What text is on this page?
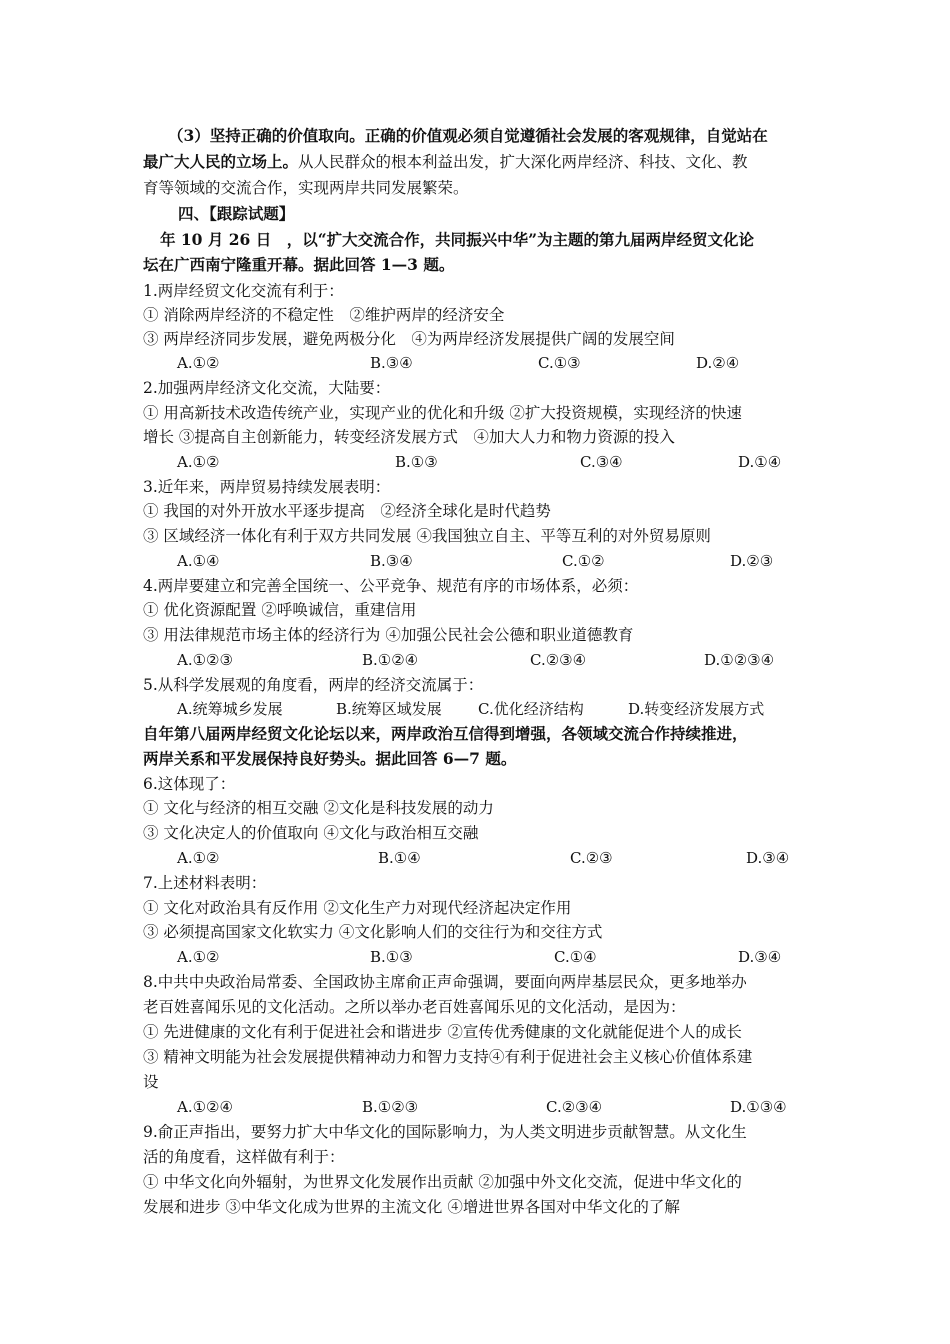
（3）坚持正确的价值取向。正确的价值观必须自觉遵循社会发展的客观规律，自觉站在
最广大人民的立场上。从人民群众的根本利益出发，扩大深化两岸经济、科技、文化、教
育等领域的交流合作，实现两岸共同发展繁荣。
四、【跟踪试题】
年 10 月 26 日　，以“扩大交流合作，共同振兴中华”为主题的第九届两岸经贸文化论
坛在广西南宁隆重开幕。据此回答 1—3 题。
1.两岸经贸文化交流有利于：
① 消除两岸经济的不稳定性　②维护两岸的经济安全
③ 两岸经济同步发展，避免两极分化　④为两岸经济发展提供广阔的发展空间
A.①②	B.③④	C.①③	D.②④
2.加强两岸经济文化交流，大陆要：
① 用高新技术改造传统产业，实现产业的优化和升级 ②扩大投资规模，实现经济的快速
增长 ③提高自主创新能力，转变经济发展方式　④加大人力和物力资源的投入
A.①②	B.①③	C.③④	D.①④
3.近年来，两岸贸易持续发展表明：
① 我国的对外开放水平逐步提高　②经济全球化是时代趋势
③ 区域经济一体化有利于双方共同发展 ④我国独立自主、平等互利的对外贸易原则
A.①④	B.③④	C.①②	D.②③
4.两岸要建立和完善全国统一、公平竞争、规范有序的市场体系，必须：
① 优化资源配置 ②呼唤诚信，重建信用
③ 用法律规范市场主体的经济行为 ④加强公民社会公德和职业道德教育
A.①②③	B.①②④	C.②③④	D.①②③④
5.从科学发展观的角度看，两岸的经济交流属于：
A.统筹城乡发展	B.统筹区域发展 C.优化经济结构	D.转变经济发展方式
自年第八届两岸经贸文化论坛以来，两岸政治互信得到增强，各领域交流合作持续推进，
两岸关系和平发展保持良好势头。据此回答 6—7 题。
6.这体现了：
① 文化与经济的相互交融 ②文化是科技发展的动力
③ 文化决定人的价值取向 ④文化与政治相互交融
A.①②	B.①④	C.②③	D.③④
7.上述材料表明：
① 文化对政治具有反作用 ②文化生产力对现代经济起决定作用
③ 必须提高国家文化软实力 ④文化影响人们的交往行为和交往方式
A.①②	B.①③	C.①④	D.③④
8.中共中央政治局常委、全国政协主席俞正声命强调，要面向两岸基层民众，更多地举办
老百姓喜闻乐见的文化活动。之所以举办老百姓喜闻乐见的文化活动，是因为：
① 先进健康的文化有利于促进社会和谐进步 ②宣传优秀健康的文化就能促进个人的成长
③ 精神文明能为社会发展提供精神动力和智力支持④有利于促进社会主义核心价值体系建
设
A.①②④	B.①②③	C.②③④	D.①③④
9.俞正声指出，要努力扩大中华文化的国际影响力，为人类文明进步贡献智慧。从文化生
活的角度看，这样做有利于：
① 中华文化向外辐射，为世界文化发展作出贡献 ②加强中外文化交流，促进中华文化的
发展和进步 ③中华文化成为世界的主流文化 ④增进世界各国对中华文化的了解
